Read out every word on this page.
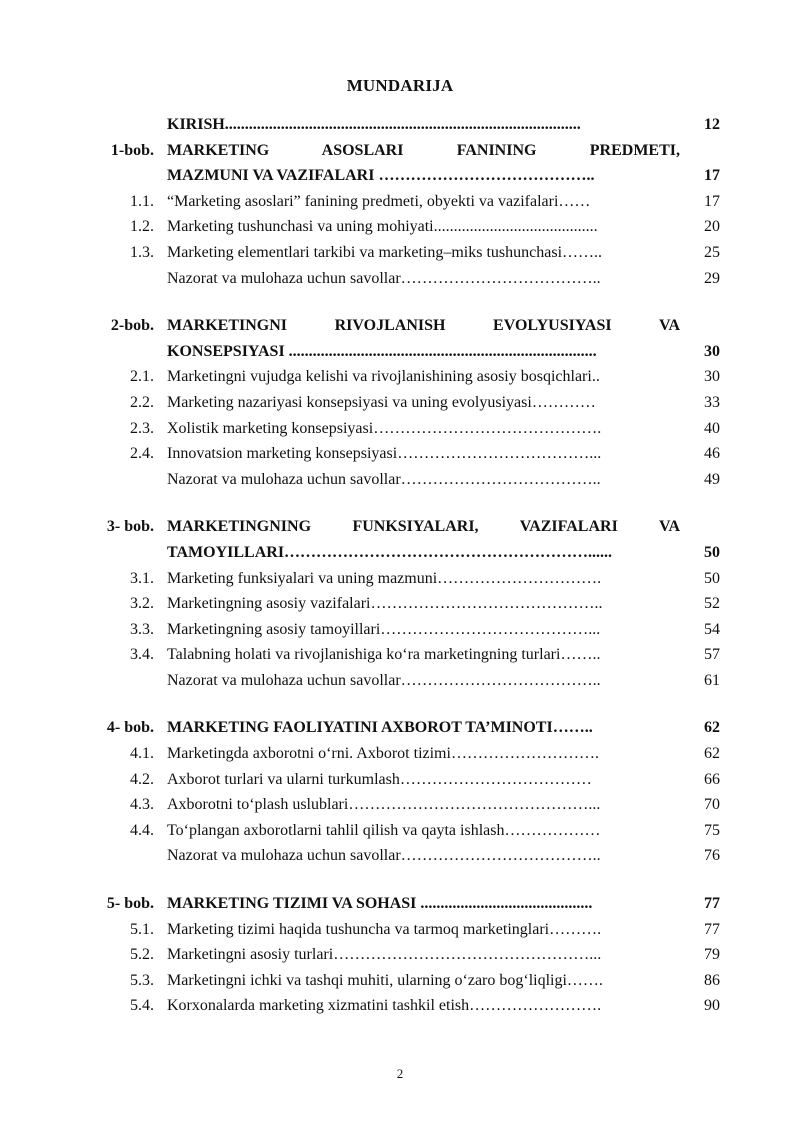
MUNDARIJA
KIRISH.........................................................................................	12
1-bob. MARKETING ASOSLARI FANINING PREDMETI,
MAZMUNI VA VAZIFALARI …………………………………..	17
1.1. “Marketing asoslari” fanining predmeti, obyekti va vazifalari……	17
1.2. Marketing tushunchasi va uning mohiyati.........................................	20
1.3. Marketing elementlari tarkibi va marketing–miks tushunchasi……..	25
Nazorat va mulohaza uchun savollar………………………………..	29
2-bob. MARKETINGNI RIVOJLANISH EVOLYUSIYASI VA
KONSEPSIYASI .............................................................................	30
2.1. Marketingni vujudga kelishi va rivojlanishining asosiy bosqichlari..	30
2.2. Marketing nazariyasi konsepsiyasi va uning evolyusiyasi…………	33
2.3. Xolistik marketing konsepsiyasi…………………………………….	40
2.4. Innovatsion marketing konsepsiyasi………………………………...	46
Nazorat va mulohaza uchun savollar………………………………..	49
3- bob. MARKETINGNING FUNKSIYALARI, VAZIFALARI VA
TAMOYILLARI…………………………………………………......	50
3.1. Marketing funksiyalari va uning mazmuni………………………….	50
3.2. Marketingning asosiy vazifalari……………………………………..	52
3.3. Marketingning asosiy tamoyillari…………………………………...	54
3.4. Talabning holati va rivojlanishiga ko‘ra marketingning turlari……..	57
Nazorat va mulohaza uchun savollar………………………………..	61
4- bob. MARKETING FAOLIYATINI AXBOROT TA’MINOTI……..	62
4.1. Marketingda axborotni o‘rni. Axborot tizimi……………………….	62
4.2. Axborot turlari va ularni turkumlash………………………………	66
4.3. Axborotni to‘plash uslublari………………………………………...	70
4.4. To‘plangan axborotlarni tahlil qilish va qayta ishlash………………	75
Nazorat va mulohaza uchun savollar………………………………..	76
5- bob. MARKETING TIZIMI VA SOHASI ...........................................	77
5.1. Marketing tizimi haqida tushuncha va tarmoq marketinglari……….	77
5.2. Marketingni asosiy turlari…………………………………………...	79
5.3. Marketingni ichki va tashqi muhiti, ularning o‘zaro bog‘liqligi…….	86
5.4. Korxonalarda marketing xizmatini tashkil etish…………………….	90
2
